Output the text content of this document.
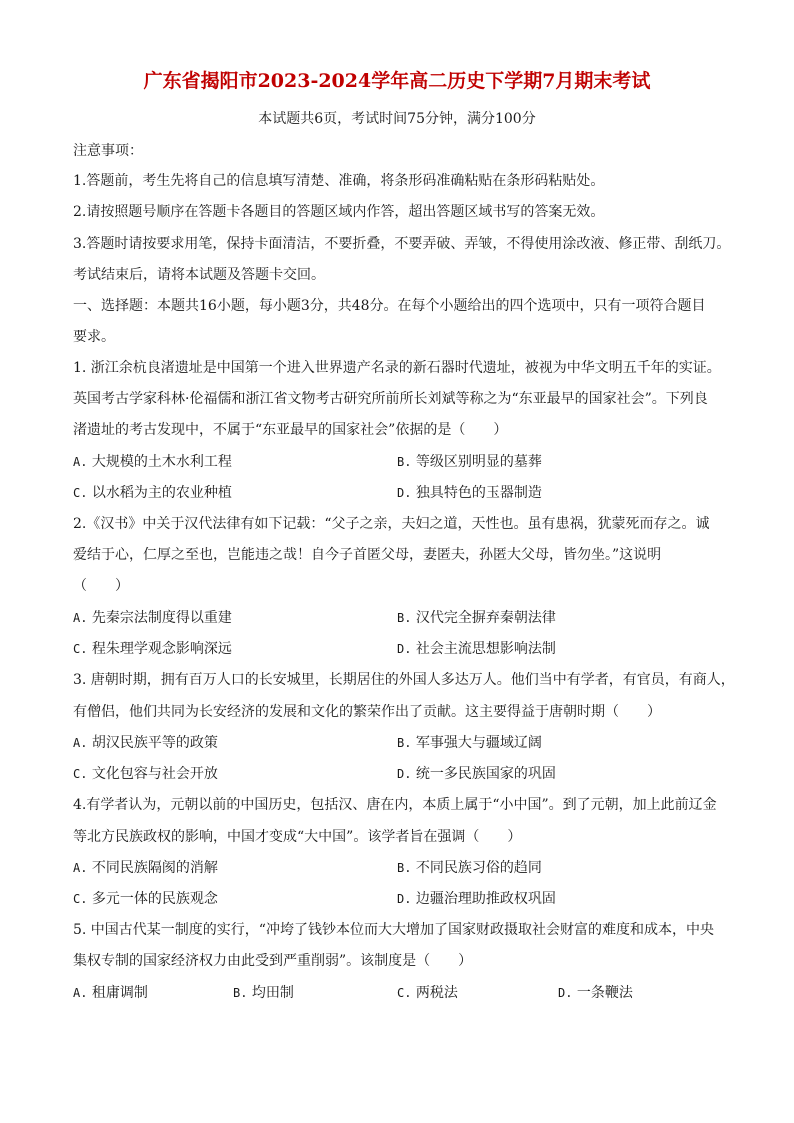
广东省揭阳市2023-2024学年高二历史下学期7月期末考试
本试题共6页，考试时间75分钟，满分100分
注意事项：
1.答题前，考生先将自己的信息填写清楚、准确，将条形码准确粘贴在条形码粘贴处。
2.请按照题号顺序在答题卡各题目的答题区域内作答，超出答题区域书写的答案无效。
3.答题时请按要求用笔，保持卡面清洁，不要折叠，不要弄破、弄皱，不得使用涂改液、修正带、刮纸刀。
考试结束后，请将本试题及答题卡交回。
一、选择题：本题共16小题，每小题3分，共48分。在每个小题给出的四个选项中，只有一项符合题目
要求。
1. 浙江余杭良渚遗址是中国第一个进入世界遗产名录的新石器时代遗址，被视为中华文明五千年的实证。
英国考古学家科林·伦福儒和浙江省文物考古研究所前所长刘斌等称之为“东亚最早的国家社会”。下列良
渚遗址的考古发现中，不属于“东亚最早的国家社会”依据的是（　　）
A. 大规模的土木水利工程	B. 等级区别明显的墓葬
C. 以水稻为主的农业种植	D. 独具特色的玉器制造
2.《汉书》中关于汉代法律有如下记载：“父子之亲，夫妇之道，天性也。虽有患祸，犹蒙死而存之。诚
爱结于心，仁厚之至也，岂能违之哉！自今子首匿父母，妻匿夫，孙匿大父母，皆勿坐。”这说明
（　　）
A. 先秦宗法制度得以重建	B. 汉代完全摒弃秦朝法律
C. 程朱理学观念影响深远	D. 社会主流思想影响法制
3. 唐朝时期，拥有百万人口的长安城里，长期居住的外国人多达万人。他们当中有学者，有官员，有商人，
有僧侣，他们共同为长安经济的发展和文化的繁荣作出了贡献。这主要得益于唐朝时期（　　）
A. 胡汉民族平等的政策	B. 军事强大与疆域辽阔
C. 文化包容与社会开放	D. 统一多民族国家的巩固
4.有学者认为，元朝以前的中国历史，包括汉、唐在内，本质上属于“小中国”。到了元朝，加上此前辽金
等北方民族政权的影响，中国才变成“大中国”。该学者旨在强调（　　）
A. 不同民族隔阂的消解	B. 不同民族习俗的趋同
C. 多元一体的民族观念	D. 边疆治理助推政权巩固
5. 中国古代某一制度的实行，“冲垮了钱钞本位而大大增加了国家财政摄取社会财富的难度和成本，中央
集权专制的国家经济权力由此受到严重削弱”。该制度是（　　）
A. 租庸调制	B. 均田制	C. 两税法	D. 一条鞭法
